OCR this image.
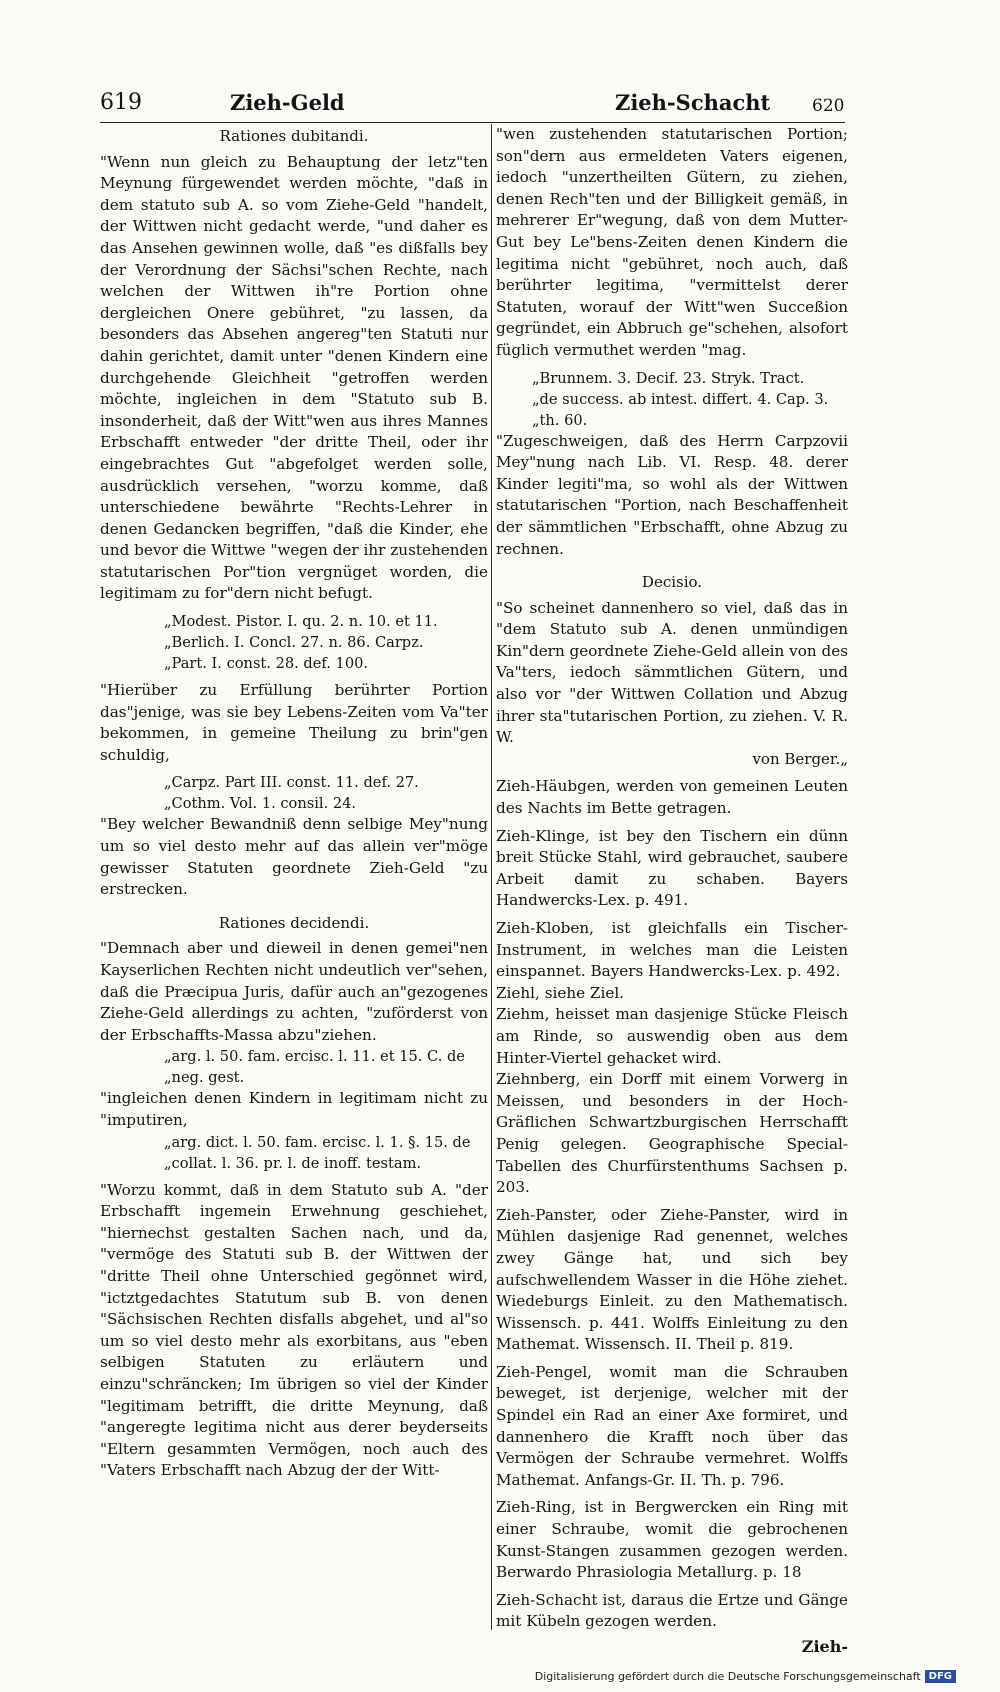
619	Zieh-Geld	Zieh-Schacht 620

Rationes dubitandi.

"Wenn nun gleich zu Behauptung der letz"ten Meynung fürgewendet werden möchte, "daß in dem statuto sub A. so vom Ziehe-Geld "handelt, der Wittwen nicht gedacht werde, "und daher es das Ansehen gewinnen wolle, daß "es dißfalls bey der Verordnung der Sächsi"schen Rechte, nach welchen der Wittwen ih"re Portion ohne dergleichen Onere gebühret, "zu lassen, da besonders das Absehen angereg"ten Statuti nur dahin gerichtet, damit unter "denen Kindern eine durchgehende Gleichheit "getroffen werden möchte, ingleichen in dem "Statuto sub B. insonderheit, daß der Witt"wen aus ihres Mannes Erbschafft entweder "der dritte Theil, oder ihr eingebrachtes Gut "abgefolget werden solle, ausdrücklich versehen, "worzu komme, daß unterschiedene bewährte "Rechts-Lehrer in denen Gedancken begriffen, "daß die Kinder, ehe und bevor die Wittwe "wegen der ihr zustehenden statutarischen Por"tion vergnüget worden, die legitimam zu for"dern nicht befugt.

„Modest. Pistor. I. qu. 2. n. 10. et 11.

„Berlich. I. Concl. 27. n. 86. Carpz.

„Part. I. const. 28. def. 100.

"Hierüber zu Erfüllung berührter Portion das"jenige, was sie bey Lebens-Zeiten vom Va"ter bekommen, in gemeine Theilung zu brin"gen schuldig,

„Carpz. Part III. const. 11. def. 27.

„Cothm. Vol. 1. consil. 24.

"Bey welcher Bewandniß denn selbige Mey"nung um so viel desto mehr auf das allein ver"möge gewisser Statuten geordnete Zieh-Geld "zu erstrecken.

Rationes decidendi.

"Demnach aber und dieweil in denen gemei"nen Kayserlichen Rechten nicht undeutlich ver"sehen, daß die Præcipua Juris, dafür auch an"gezogenes Ziehe-Geld allerdings zu achten, "zuförderst von der Erbschaffts-Massa abzu"ziehen.

„arg. l. 50. fam. ercisc. l. 11. et 15. C. de

„neg. gest.

"ingleichen denen Kindern in legitimam nicht zu "imputiren,

„arg. dict. l. 50. fam. ercisc. l. 1. §. 15. de

„collat. l. 36. pr. l. de inoff. testam.

"Worzu kommt, daß in dem Statuto sub A. "der Erbschafft ingemein Erwehnung geschiehet, "hiernechst gestalten Sachen nach, und da, "vermöge des Statuti sub B. der Wittwen der "dritte Theil ohne Unterschied gegönnet wird, "ictztgedachtes Statutum sub B. von denen "Sächsischen Rechten disfalls abgehet, und al"so um so viel desto mehr als exorbitans, aus "eben selbigen Statuten zu erläutern und einzu"schräncken; Im übrigen so viel der Kinder "legitimam betrifft, die dritte Meynung, daß "angeregte legitima nicht aus derer beyderseits "Eltern gesammten Vermögen, noch auch des "Vaters Erbschafft nach Abzug der der Witt-

"wen zustehenden statutarischen Portion; son"dern aus ermeldeten Vaters eigenen, iedoch "unzertheilten Gütern, zu ziehen, denen Rech"ten und der Billigkeit gemäß, in mehrerer Er"wegung, daß von dem Mutter-Gut bey Le"bens-Zeiten denen Kindern die legitima nicht "gebühret, noch auch, daß berührter legitima, "vermittelst derer Statuten, worauf der Witt"wen Succeßion gegründet, ein Abbruch ge"schehen, alsofort füglich vermuthet werden "mag.

„Brunnem. 3. Decif. 23. Stryk. Tract.

„de success. ab intest. differt. 4. Cap. 3.

„th. 60.

"Zugeschweigen, daß des Herrn Carpzovii Mey"nung nach Lib. VI. Resp. 48. derer Kinder legiti"ma, so wohl als der Wittwen statutarischen "Portion, nach Beschaffenheit der sämmtlichen "Erbschafft, ohne Abzug zu rechnen.

Decisio.

"So scheinet dannenhero so viel, daß das in "dem Statuto sub A. denen unmündigen Kin"dern geordnete Ziehe-Geld allein von des Va"ters, iedoch sämmtlichen Gütern, und also vor "der Wittwen Collation und Abzug ihrer sta"tutarischen Portion, zu ziehen. V. R. W.

von Berger.„

Zieh-Häubgen, werden von gemeinen Leuten des Nachts im Bette getragen.

Zieh-Klinge, ist bey den Tischern ein dünn breit Stücke Stahl, wird gebrauchet, saubere Arbeit damit zu schaben. Bayers Handwercks-Lex. p. 491.

Zieh-Kloben, ist gleichfalls ein Tischer-Instrument, in welches man die Leisten einspannet. Bayers Handwercks-Lex. p. 492.

Ziehl, siehe Ziel.

Ziehm, heisset man dasjenige Stücke Fleisch am Rinde, so auswendig oben aus dem Hinter-Viertel gehacket wird.

Ziehnberg, ein Dorff mit einem Vorwerg in Meissen, und besonders in der Hoch-Gräflichen Schwartzburgischen Herrschafft Penig gelegen. Geographische Special-Tabellen des Churfürstenthums Sachsen p. 203.

Zieh-Panster, oder Ziehe-Panster, wird in Mühlen dasjenige Rad genennet, welches zwey Gänge hat, und sich bey aufschwellendem Wasser in die Höhe ziehet. Wiedeburgs Einleit. zu den Mathematisch. Wissensch. p. 441. Wolffs Einleitung zu den Mathemat. Wissensch. II. Theil p. 819.

Zieh-Pengel, womit man die Schrauben beweget, ist derjenige, welcher mit der Spindel ein Rad an einer Axe formiret, und dannenhero die Krafft noch über das Vermögen der Schraube vermehret. Wolffs Mathemat. Anfangs-Gr. II. Th. p. 796.

Zieh-Ring, ist in Bergwercken ein Ring mit einer Schraube, womit die gebrochenen Kunst-Stangen zusammen gezogen werden. Berwardo Phrasiologia Metallurg. p. 18

Zieh-Schacht ist, daraus die Ertze und Gänge mit Kübeln gezogen werden.

Zieh-
Digitalisierung gefördert durch die Deutsche Forschungsgemeinschaft DFG
